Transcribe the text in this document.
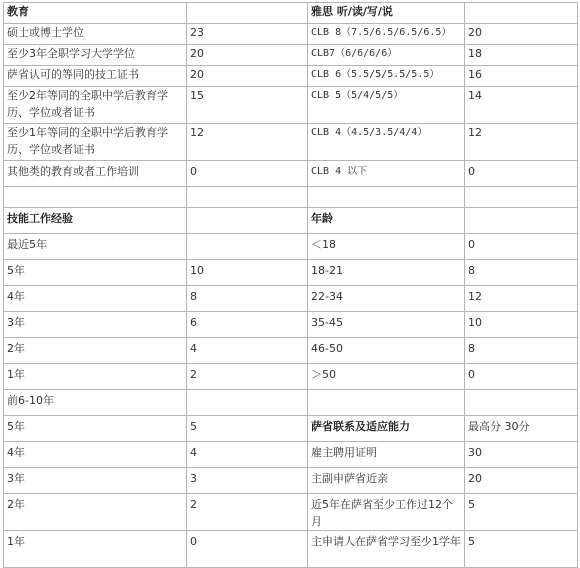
教育		雅思 听/读/写/说	
硕士或博士学位	23	CLB 8（7.5/6.5/6.5/6.5）	20
至少3年全职学习大学学位	20	CLB7（6/6/6/6）	18
萨省认可的等同的技工证书	20	CLB 6（5.5/5/5.5/5.5）	16
至少2年等同的全职中学后教育学历、学位或者证书	15	CLB 5（5/4/5/5）	14
至少1年等同的全职中学后教育学历、学位或者证书	12	CLB 4（4.5/3.5/4/4）	12
其他类的教育或者工作培训	0	CLB 4 以下	0

技能工作经验		年龄	
最近5年		＜18	0
5年	10	18-21	8
4年	8	22-34	12
3年	6	35-45	10
2年	4	46-50	8
1年	2	＞50	0
前6-10年			
5年	5	萨省联系及适应能力	最高分 30分
4年	4	雇主聘用证明	30
3年	3	主副申萨省近亲	20
2年	2	近5年在萨省至少工作过12个月	5
1年	0	主申请人在萨省学习至少1学年	5
